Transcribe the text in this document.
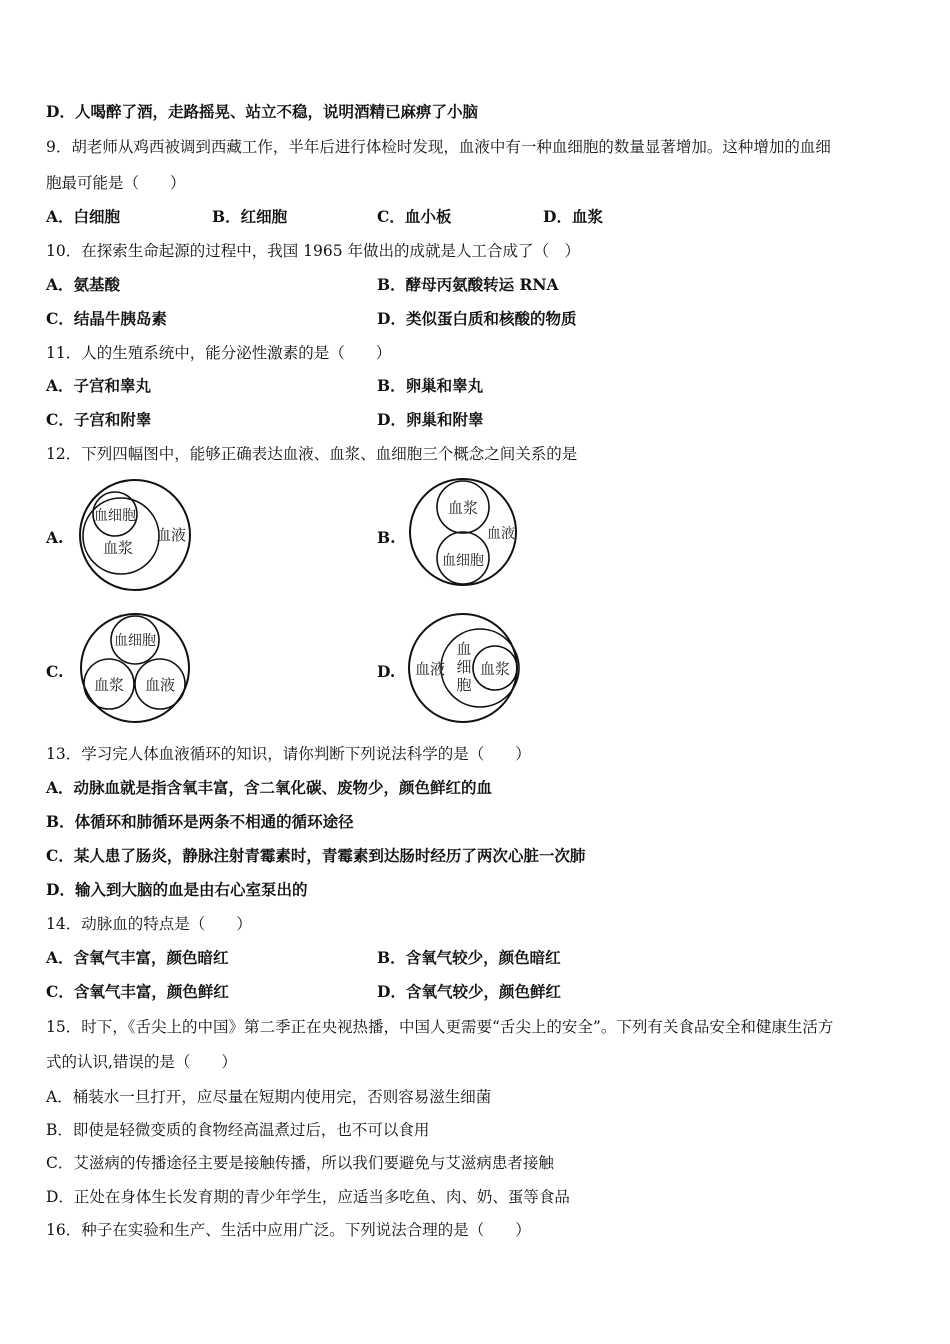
D．人喝醉了酒，走路摇晃、站立不稳，说明酒精已麻痹了小脑
9．胡老师从鸡西被调到西藏工作，半年后进行体检时发现，血液中有一种血细胞的数量显著增加。这种增加的血细
胞最可能是（　　）
A．白细胞	B．红细胞	C．血小板	D．血浆
10．在探索生命起源的过程中，我国 1965 年做出的成就是人工合成了（　）
A．氨基酸	B．酵母丙氨酸转运 RNA
C．结晶牛胰岛素	D．类似蛋白质和核酸的物质
11．人的生殖系统中，能分泌性激素的是（　　）
A．子宫和睾丸	B．卵巢和睾丸
C．子宫和附睾	D．卵巢和附睾
12．下列四幅图中，能够正确表达血液、血浆、血细胞三个概念之间关系的是
A.
血细胞
血浆
血液	B.
血浆
血细胞
血液
C.
血细胞
血浆 血液
D. 血液
血
细
胞
血浆
13．学习完人体血液循环的知识，请你判断下列说法科学的是（　　）
A．动脉血就是指含氧丰富，含二氧化碳、废物少，颜色鲜红的血
B．体循环和肺循环是两条不相通的循环途径
C．某人患了肠炎，静脉注射青霉素时，青霉素到达肠时经历了两次心脏一次肺
D．输入到大脑的血是由右心室泵出的
14．动脉血的特点是（　　）
A．含氧气丰富，颜色暗红	B．含氧气较少，颜色暗红
C．含氧气丰富，颜色鲜红	D．含氧气较少，颜色鲜红
15．时下，《舌尖上的中国》第二季正在央视热播，中国人更需要“舌尖上的安全”。下列有关食品安全和健康生活方
式的认识,错误的是（　　）
A．桶装水一旦打开，应尽量在短期内使用完，否则容易滋生细菌
B．即使是轻微变质的食物经高温煮过后，也不可以食用
C．艾滋病的传播途径主要是接触传播，所以我们要避免与艾滋病患者接触
D．正处在身体生长发育期的青少年学生，应适当多吃鱼、肉、奶、蛋等食品
16．种子在实验和生产、生活中应用广泛。下列说法合理的是（　　）
